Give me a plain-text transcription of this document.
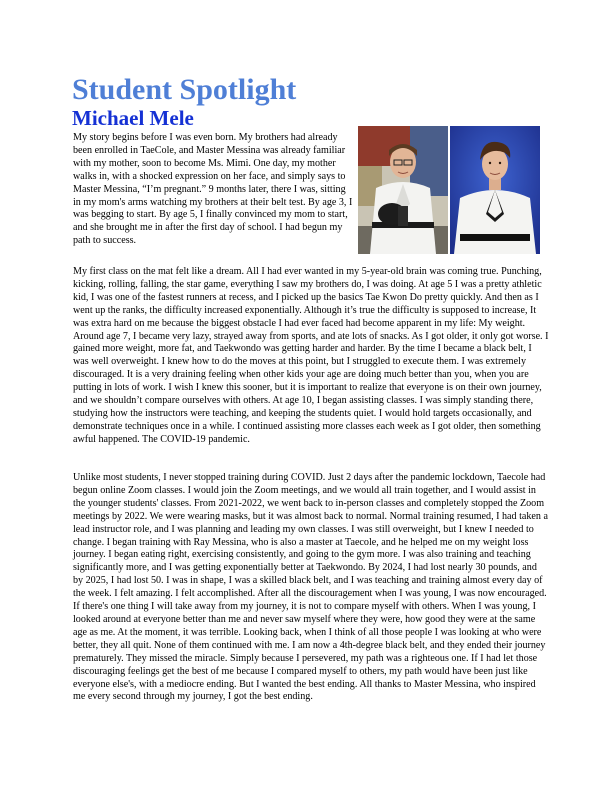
Student Spotlight
Michael Mele

My story begins before I was even born. My brothers had already been enrolled in TaeCole, and Master Messina was already familiar with my mother, soon to become Ms. Mimi. One day, my mother walks in, with a shocked expression on her face, and simply says to Master Messina, “I’m pregnant.” 9 months later, there I was, sitting in my mom's arms watching my brothers at their belt test. By age 3, I was begging to start. By age 5, I finally convinced my mom to start, and she brought me in after the first day of school. I had begun my path to success.

My first class on the mat felt like a dream. All I had ever wanted in my 5-year-old brain was coming true. Punching, kicking, rolling, falling, the star game, everything I saw my brothers do, I was doing. At age 5 I was a pretty athletic kid, I was one of the fastest runners at recess, and I picked up the basics Tae Kwon Do pretty quickly. And then as I went up the ranks, the difficulty increased exponentially. Although it’s true the difficulty is supposed to increase, It was extra hard on me because the biggest obstacle I had ever faced had become apparent in my life: My weight. Around age 7, I became very lazy, strayed away from sports, and ate lots of snacks. As I got older, it only got worse. I gained more weight, more fat, and Taekwondo was getting harder and harder. By the time I became a black belt, I was well overweight. I knew how to do the moves at this point, but I struggled to execute them. I was extremely discouraged. It is a very draining feeling when other kids your age are doing much better than you, when you are putting in lots of work. I wish I knew this sooner, but it is important to realize that everyone is on their own journey, and we shouldn’t compare ourselves with others. At age 10, I began assisting classes. I was simply standing there, studying how the instructors were teaching, and keeping the students quiet. I would hold targets occasionally, and demonstrate techniques once in a while. I continued assisting more classes each week as I got older, then something awful happened. The COVID-19 pandemic.

Unlike most students, I never stopped training during COVID. Just 2 days after the pandemic lockdown, Taecole had begun online Zoom classes. I would join the Zoom meetings, and we would all train together, and I would assist in the younger students' classes. From 2021-2022, we went back to in-person classes and completely stopped the Zoom meetings by 2022. We were wearing masks, but it was almost back to normal. Normal training resumed, I had taken a lead instructor role, and I was planning and leading my own classes. I was still overweight, but I knew I needed to change. I began training with Ray Messina, who is also a master at Taecole, and he helped me on my weight loss journey. I began eating right, exercising consistently, and going to the gym more. I was also training and teaching significantly more, and I was getting exponentially better at Taekwondo. By 2024, I had lost nearly 30 pounds, and by 2025, I had lost 50. I was in shape, I was a skilled black belt, and I was teaching and training almost every day of the week. I felt amazing. I felt accomplished. After all the discouragement when I was young, I was now encouraged. If there's one thing I will take away from my journey, it is not to compare myself with others. When I was young, I looked around at everyone better than me and never saw myself where they were, how good they were at the same age as me. At the moment, it was terrible. Looking back, when I think of all those people I was looking at who were better, they all quit. None of them continued with me. I am now a 4th-degree black belt, and they ended their journey prematurely. They missed the miracle. Simply because I persevered, my path was a righteous one. If I had let those discouraging feelings get the best of me because I compared myself to others, my path would have been just like everyone else's, with a mediocre ending. But I wanted the best ending. All thanks to Master Messina, who inspired me every second through my journey, I got the best ending.
